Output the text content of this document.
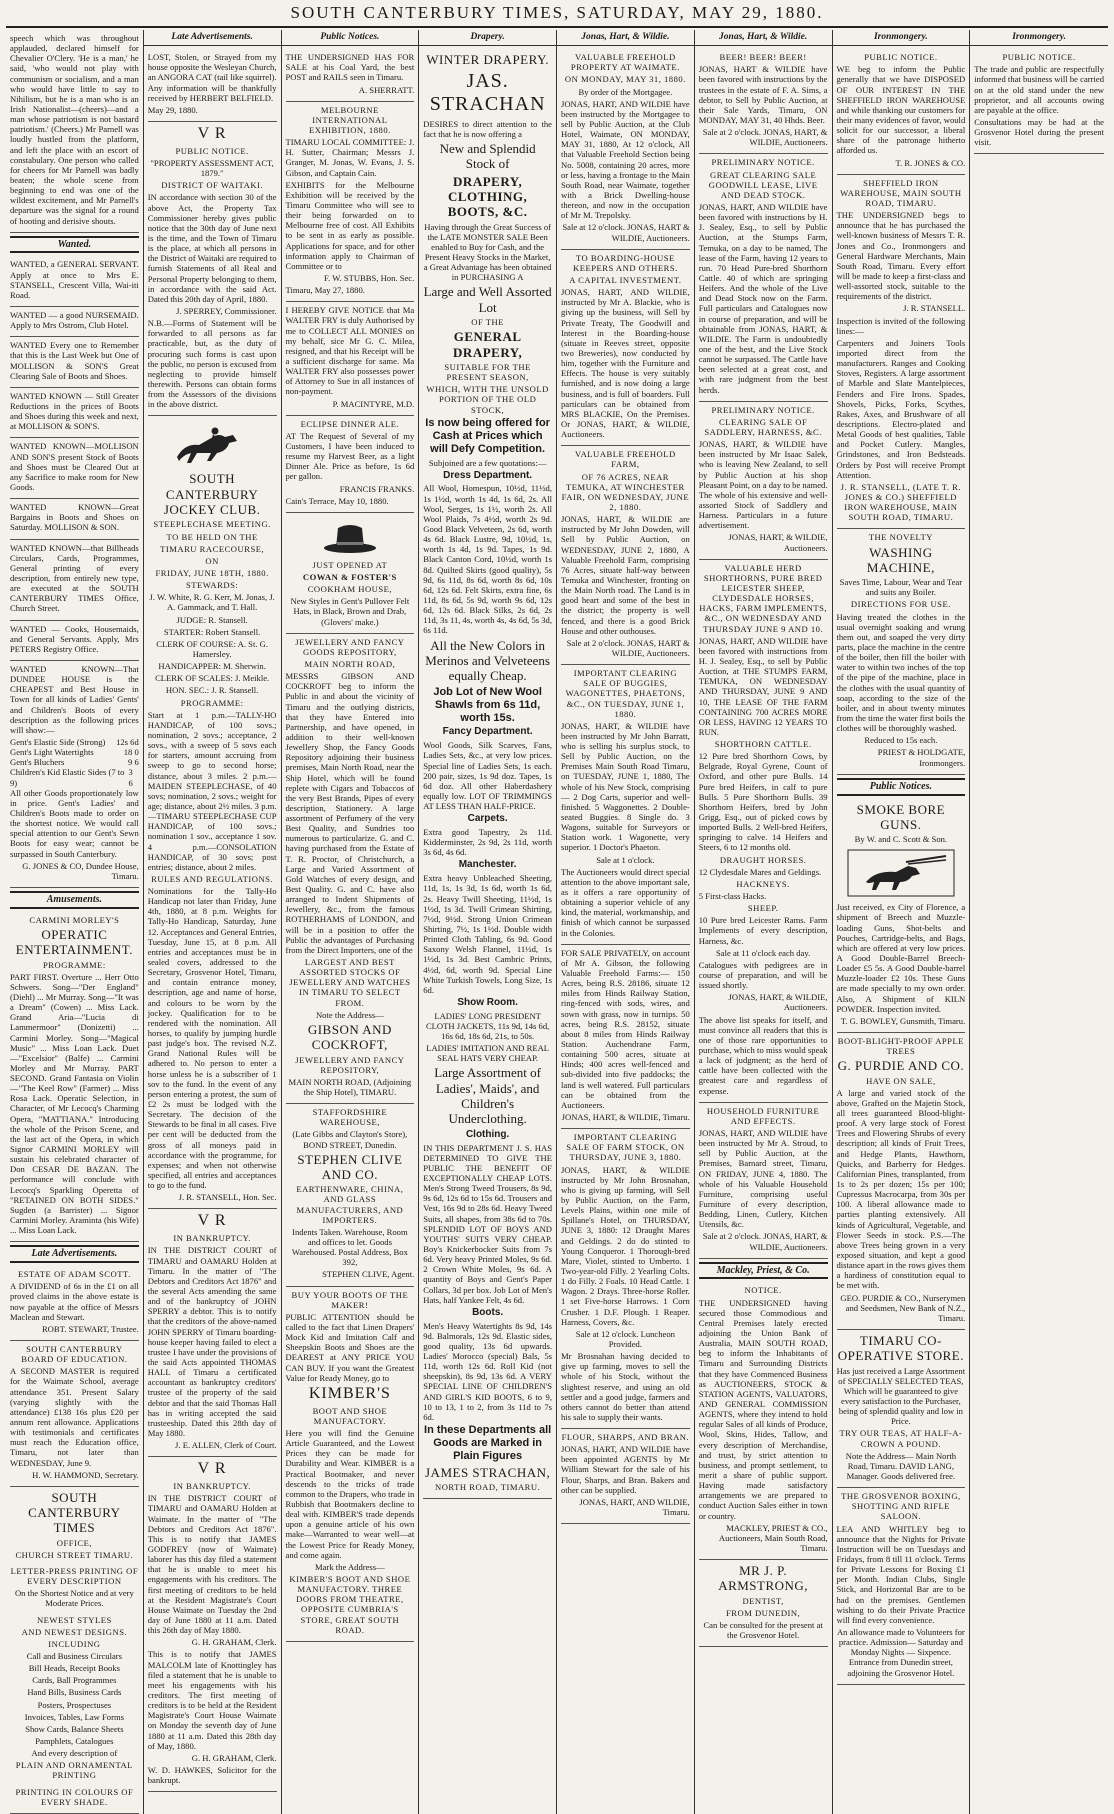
SOUTH CANTERBURY TIMES, SATURDAY, MAY 29, 1880.

speech which was throughout applauded, declared himself for Chevalier O'Clery. 'He is a man,' he said, 'who would not play with communism or socialism, and a man who would have little to say to Nihilism, but he is a man who is an Irish Nationalist—(cheers)—and a man whose patriotism is not bastard patriotism.' (Cheers.) Mr Parnell was loudly hustled from the platform, and left the place with an escort of constabulary. One person who called for cheers for Mr Parnell was badly beaten; the whole scene from beginning to end was one of the wildest excitement, and Mr Parnell's departure was the signal for a round of hooting and derisive shouts.

Wanted.

WANTED, a GENERAL SERVANT. Apply at once to Mrs E. STANSELL, Crescent Villa, Wai-iti Road.

WANTED — a good NURSEMAID. Apply to Mrs Ostrom, Club Hotel.

WANTED Every one to Remember that this is the Last Week but One of MOLLISON & SON'S Great Clearing Sale of Boots and Shoes.

WANTED KNOWN — Still Greater Reductions in the prices of Boots and Shoes during this week and next, at MOLLISON & SON'S.

WANTED KNOWN—MOLLISON AND SON'S present Stock of Boots and Shoes must be Cleared Out at any Sacrifice to make room for New Goods.

WANTED KNOWN—Great Bargains in Boots and Shoes on Saturday. MOLLISON & SON.

WANTED KNOWN—that Billheads Circulars, Cards, Programmes, General printing of every description, from entirely new type, are executed at the SOUTH CANTERBURY TIMES Office, Church Street.

WANTED — Cooks, Housemaids, and General Servants. Apply, Mrs PETERS Registry Office.

WANTED KNOWN—That DUNDEE HOUSE is the CHEAPEST and Best House in Town for all kinds of Ladies' Gents' and Children's Boots of every description as the following prices will show:—

Gent's Elastic Side (Strong) 12s 6d
Gent's Light Watertights	18 0
Gent's Bluchers	9 6
Children's Kid Elastic Sides (7 to 9)
3 6

All other Goods proportionately low in price. Gent's Ladies' and Children's Boots made to order on the shortest notice. We would call special attention to our Gent's Sewn Boots for easy wear; cannot be surpassed in South Canterbury.

G. JONES & CO, Dundee House, Timaru.

Amusements.

CARMINI MORLEY'S

OPERATIC ENTERTAINMENT.

PROGRAMME:

PART FIRST. Overture ... Herr Otto Schwers. Song—"Der England" (Diehl) ... Mr Murray. Song—"It was a Dream" (Cowen) ... Miss Lack. Grand Aria—"Lucia di Lammermoor" (Donizetti) ... Carmini Morley. Song—"Magical Music" ... Miss Loan Lack. Duet—"Excelsior" (Balfe) ... Carmini Morley and Mr Murray. PART SECOND. Grand Fantasia on Violin—"The Keel Row" (Farmer) ... Miss Rosa Lack. Operatic Selection, in Character, of Mr Lecocq's Charming Opera, "MATTIANA." Introducing the whole of the Prison Scene, and the last act of the Opera, in which Signor CARMINI MORLEY will sustain his celebrated character of Don CESAR DE BAZAN. The performance will conclude with Lecocq's Sparkling Operetta of "RETAINED ON BOTH SIDES." Sugden (a Barrister) ... Signor Carmini Morley. Araminta (his Wife) ... Miss Loan Lack.

Late Advertisements.

ESTATE OF ADAM SCOTT.

A DIVIDEND of 6s in the £1 on all proved claims in the above estate is now payable at the office of Messrs Maclean and Stewart.

ROBT. STEWART, Trustee.

SOUTH CANTERBURY BOARD OF EDUCATION.

A SECOND MASTER is required for the Waimate School, average attendance 351. Present Salary (varying slightly with the attendance) £138 16s plus £20 per annum rent allowance. Applications with testimonials and certificates must reach the Education office, Timaru, not later than WEDNESDAY, June 9.

H. W. HAMMOND, Secretary.

SOUTH CANTERBURY TIMES

OFFICE,

CHURCH STREET TIMARU.

LETTER-PRESS PRINTING OF EVERY DESCRIPTION

On the Shortest Notice and at very Moderate Prices.

NEWEST STYLES

AND NEWEST DESIGNS.

INCLUDING

Call and Business Circulars

Bill Heads, Receipt Books

Cards, Ball Programmes

Hand Bills, Business Cards

Posters, Prospectuses

Invoices, Tables, Law Forms

Show Cards, Balance Sheets

Pamphlets, Catalogues

And every description of

PLAIN AND ORNAMENTAL PRINTING

PRINTING IN COLOURS OF EVERY SHADE.

Late Advertisements.

LOST, Stolen, or Strayed from my house opposite the Wesleyan Church, an ANGORA CAT (tail like squirrel). Any information will be thankfully received by HERBERT BELFIELD.

May 29, 1880.

V R

PUBLIC NOTICE.

"PROPERTY ASSESSMENT ACT, 1879."

DISTRICT OF WAITAKI.

IN accordance with section 30 of the above Act, the Property Tax Commissioner hereby gives public notice that the 30th day of June next is the time, and the Town of Timaru is the place, at which all persons in the District of Waitaki are required to furnish Statements of all Real and Personal Property belonging to them, in accordance with the said Act. Dated this 20th day of April, 1880.

J. SPERREY, Commissioner.

N.B.—Forms of Statement will be forwarded to all persons as far practicable, but, as the duty of procuring such forms is cast upon the public, no person is excused from neglecting to provide himself therewith. Persons can obtain forms from the Assessors of the divisions in the above district.

SOUTH CANTERBURY JOCKEY CLUB.

STEEPLECHASE MEETING.

TO BE HELD ON THE

TIMARU RACECOURSE,

ON

FRIDAY, JUNE 18TH, 1880.

STEWARDS:

J. W. White, R. G. Kerr, M. Jonas, J. A. Gammack, and T. Hall.

JUDGE: R. Stansell.

STARTER: Robert Stansell.

CLERK OF COURSE: A. St. G. Hamersley.

HANDICAPPER: M. Sherwin.

CLERK OF SCALES: J. Meikle.

HON. SEC.: J. R. Stansell.

PROGRAMME:

Start at 1 p.m.—TALLY-HO HANDICAP, of 100 sovs.; nomination, 2 sovs.; acceptance, 2 sovs., with a sweep of 5 sovs each for starters, amount accruing from sweep to go to second horse; distance, about 3 miles. 2 p.m.—MAIDEN STEEPLECHASE, of 40 sovs; nomination, 2 sovs.; weight for age; distance, about 2½ miles. 3 p.m.—TIMARU STEEPLECHASE CUP HANDICAP, of 100 sovs.; nomination 1 sov., acceptance 1 sov. 4 p.m.—CONSOLATION HANDICAP, of 30 sovs; post entries; distance, about 2 miles.

RULES AND REGULATIONS.

Nominations for the Tally-Ho Handicap not later than Friday, June 4th, 1880, at 8 p.m. Weights for Tally-Ho Handicap, Saturday, June 12. Acceptances and General Entries, Tuesday, June 15, at 8 p.m. All entries and acceptances must be in sealed covers, addressed to the Secretary, Grosvenor Hotel, Timaru, and contain entrance money, description, age and name of horse, and colours to be worn by the jockey. Qualification for to be rendered with the nomination. All horses, to qualify by jumping hurdle past judge's box. The revised N.Z. Grand National Rules will be adhered to. No person to enter a horse unless he is a subscriber of 1 sov to the fund. In the event of any person entering a protest, the sum of £2 2s must be lodged with the Secretary. The decision of the Stewards to be final in all cases. Five per cent will be deducted from the gross of all moneys paid in accordance with the programme, for expenses; and when not otherwise specified, all entries and acceptances to go to the fund.

J. R. STANSELL, Hon. Sec.

V R

IN BANKRUPTCY.

IN THE DISTRICT COURT of TIMARU and OAMARU Holden at Timaru. In the matter of "The Debtors and Creditors Act 1876" and the several Acts amending the same and of the bankruptcy of JOHN SPERRY a debtor. This is to notify that the creditors of the above-named JOHN SPERRY of Timaru boarding-house keeper having failed to elect a trustee I have under the provisions of the said Acts appointed THOMAS HALL of Timaru a certificated accountant as bankruptcy creditors' trustee of the property of the said debtor and that the said Thomas Hall has in writing accepted the said trusteeship. Dated this 28th day of May 1880.

J. E. ALLEN, Clerk of Court.

V R

IN BANKRUPTCY.

IN THE DISTRICT COURT of TIMARU and OAMARU Holden at Waimate. In the matter of "The Debtors and Creditors Act 1876". This is to notify that JAMES GODFREY (now of Waimate) laborer has this day filed a statement that he is unable to meet his engagements with his creditors. The first meeting of creditors to be held at the Resident Magistrate's Court House Waimate on Tuesday the 2nd day of June 1880 at 11 a.m. Dated this 26th day of May 1880.

G. H. GRAHAM, Clerk.

This is to notify that JAMES MALCOLM late of Knottingley has filed a statement that he is unable to meet his engagements with his creditors. The first meeting of creditors is to be held at the Resident Magistrate's Court House Waimate on Monday the seventh day of June 1880 at 11 a.m. Dated this 28th day of May, 1880.

G. H. GRAHAM, Clerk.

W. D. HAWKES, Solicitor for the bankrupt.

Public Notices.

THE UNDERSIGNED HAS FOR SALE at his Coal Yard, the best POST and RAILS seen in Timaru.

A. SHERRATT.

MELBOURNE INTERNATIONAL EXHIBITION, 1880.

TIMARU LOCAL COMMITTEE: J. H. Sutter, Chairman; Messrs J. Granger, M. Jonas, W. Evans, J. S. Gibson, and Captain Cain.

EXHIBITS for the Melbourne Exhibition will be received by the Timaru Committee who will see to their being forwarded on to Melbourne free of cost. All Exhibits to be sent in as early as possible. Applications for space, and for other information apply to Chairman of Committee or to

F. W. STUBBS, Hon. Sec.

Timaru, May 27, 1880.

I HEREBY GIVE NOTICE that Ma WALTER FRY is duly Authorised by me to COLLECT ALL MONIES on my behalf, sice Mr G. C. Milea, resigned, and that his Receipt will be a sufficient discharge for same. Ma WALTER FRY also possesses power of Attorney to Sue in all instances of non-payment.

P. MACINTYRE, M.D.

ECLIPSE DINNER ALE.

AT The Request of Several of my Customers, I have been induced to resume my Harvest Beer, as a light Dinner Ale. Price as before, 1s 6d per gallon.

FRANCIS FRANKS.

Cain's Terrace, May 10, 1880.

JUST OPENED AT

COWAN & FOSTER'S

COOKHAM HOUSE,

New Styles in Gent's Pullover Felt Hats, in Black, Brown and Drab, (Glovers' make.)

JEWELLERY AND FANCY GOODS REPOSITORY,

MAIN NORTH ROAD,

MESSRS GIBSON AND COCKROFT beg to inform the Public in and about the vicinity of Timaru and the outlying districts, that they have Entered into Partnership, and have opened, in addition to their well-known Jewellery Shop, the Fancy Goods Repository adjoining their business premises, Main North Road, near the Ship Hotel, which will be found replete with Cigars and Tobaccos of the very Best Brands, Pipes of every description, Stationery. A large assortment of Perfumery of the very Best Quality, and Sundries too numerous to particularize. G. and C. having purchased from the Estate of T. R. Proctor, of Christchurch, a Large and Varied Assortment of Gold Watches of every design, and Best Quality. G. and C. have also arranged to Indent Shipments of Jewellery, &c., from the famous ROTHERHAMS of LONDON, and will be in a position to offer the Public the advantages of Purchasing from the Direct Importers, one of the

LARGEST AND BEST ASSORTED STOCKS OF JEWELLERY AND WATCHES IN TIMARU TO SELECT FROM.

Note the Address—

GIBSON AND COCKROFT,

JEWELLERY AND FANCY REPOSITORY,

MAIN NORTH ROAD, (Adjoining the Ship Hotel), TIMARU.

STAFFORDSHIRE WAREHOUSE,

(Late Gibbs and Clayton's Store), BOND STREET, Dunedin.

STEPHEN CLIVE AND CO.

EARTHENWARE, CHINA, AND GLASS MANUFACTURERS, AND IMPORTERS.

Indents Taken. Warehouse, Room and offices to let. Goods Warehoused. Postal Address, Box 392,

STEPHEN CLIVE, Agent.

BUY YOUR BOOTS OF THE MAKER!

PUBLIC ATTENTION should be called to the fact that Linen Drapers' Mock Kid and Imitation Calf and Sheepskin Boots and Shoes are the DEAREST at ANY PRICE YOU CAN BUY. If you want the Greatest Value for Ready Money, go to

KIMBER'S

BOOT AND SHOE MANUFACTORY.

Here you will find the Genuine Article Guaranteed, and the Lowest Prices they can be made for Durability and Wear. KIMBER is a Practical Bootmaker, and never descends to the tricks of trade common to the Drapers, who trade in Rubbish that Bootmakers decline to deal with. KIMBER'S trade depends upon a genuine article of his own make—Warranted to wear well—at the Lowest Price for Ready Money, and come again.

Mark the Address—

KIMBER'S BOOT AND SHOE MANUFACTORY. THREE DOORS FROM THEATRE, OPPOSITE CUMBRIA'S STORE, GREAT SOUTH ROAD.

Drapery.

WINTER DRAPERY.

JAS. STRACHAN

DESIRES to direct attention to the fact that he is now offering a

New and Splendid Stock of

DRAPERY, CLOTHING, BOOTS, &C.

Having through the Great Success of the LATE MONSTER SALE Been enabled to Buy for Cash, and the Present Heavy Stocks in the Market, a Great Advantage has been obtained in PURCHASING A

Large and Well Assorted Lot

OF THE

GENERAL DRAPERY,

SUITABLE FOR THE PRESENT SEASON,

WHICH, WITH THE UNSOLD PORTION OF THE OLD STOCK,

Is now being offered for Cash at Prices which will Defy Competition.

Subjoined are a few quotations:—

Dress Department.

All Wool, Homespun, 10½d, 11½d, 1s 1½d, worth 1s 4d, 1s 6d, 2s. All Wool, Serges, 1s 1½, worth 2s. All Wool Plaids, 7s 4½d, worth 2s 9d. Good Black Velveteen, 2s 6d, worth 4s 6d. Black Lustre, 9d, 10½d, 1s, worth 1s 4d, 1s 9d. Tapes, 1s 9d. Black Canton Cord, 10½d, worth 1s 8d. Quilted Skirts (good quality), 5s 9d, 6s 11d, 8s 6d, worth 8s 6d, 10s 6d, 12s 6d. Felt Skirts, extra fine, 6s 11d, 8s 6d, 5s 9d, worth 9s 6d, 12s 6d, 12s 6d. Black Silks, 2s 6d, 2s 11d, 3s 11, 4s, worth 4s, 4s 6d, 5s 3d, 6s 11d.

All the New Colors in Merinos and Velveteens equally Cheap.

Job Lot of New Wool Shawls from 6s 11d, worth 15s.

Fancy Department.

Wool Goods, Silk Scarves, Fans, Ladies Sets, &c., at very low prices. Special line of Ladies Sets, 1s each. 200 pair, sizes, 1s 9d doz. Tapes, 1s 6d doz. All other Haberdashery equally low. LOT OF TRIMMINGS AT LESS THAN HALF-PRICE.

Carpets.

Extra good Tapestry, 2s 11d. Kidderminster, 2s 9d, 2s 11d, worth 3s 6d, 4s 6d.

Manchester.

Extra heavy Unbleached Sheeting, 11d, 1s, 1s 3d, 1s 6d, worth 1s 6d, 2s. Heavy Twill Sheeting, 11½d, 1s 1½d, 1s 3d. Twill Crimean Shirting, 7½d, 9½d. Strong Union Crimean Shirting, 7½, 1s 1½d. Double width Printed Cloth Tabling, 6s 9d. Good Saxony Welsh Flannel, 11½d, 1s 1½d, 1s 3d. Best Cambric Prints, 4½d, 6d, worth 9d. Special Line White Turkish Towels, Long Size, 1s 6d.

Show Room.

LADIES' LONG PRESIDENT CLOTH JACKETS, 11s 9d, 14s 6d, 16s 6d, 18s 6d, 21s, to 50s.

LADIES' IMITATION AND REAL SEAL HATS VERY CHEAP.

Large Assortment of Ladies', Maids', and Children's Underclothing.

Clothing.

IN THIS DEPARTMENT J. S. HAS DETERMINED TO GIVE THE PUBLIC THE BENEFIT OF EXCEPTIONALLY CHEAP LOTS. Men's Strong Tweed Trousers, 8s 9d, 9s 6d, 12s 6d to 15s 6d. Trousers and Vest, 16s 9d to 28s 6d. Heavy Tweed Suits, all shapes, from 38s 6d to 70s. SPLENDID LOT OF BOYS AND YOUTHS' SUITS VERY CHEAP. Boy's Knickerbocker Suits from 7s 6d. Very heavy Printed Moles, 9s 6d. 2 Crown White Moles, 9s 6d. A quantity of Boys and Gent's Paper Collars, 3d per box. Job Lot of Men's Hats, half Yankee Felt, 4s 6d.

Boots.

Men's Heavy Watertights 8s 9d, 14s 9d. Balmorals, 12s 9d. Elastic sides, good quality, 13s 6d upwards. Ladies' Morocco (special) Bals, 5s 11d, worth 12s 6d. Roll Kid (not sheepskin), 8s 9d, 13s 6d. A VERY SPECIAL LINE OF CHILDREN'S AND GIRL'S KID BOOTS, 6 to 9, 10 to 13, 1 to 2, from 3s 11d to 7s 6d.

In these Departments all Goods are Marked in Plain Figures

JAMES STRACHAN,

NORTH ROAD, TIMARU.

Jonas, Hart, & Wildie.

VALUABLE FREEHOLD PROPERTY AT WAIMATE.

ON MONDAY, MAY 31, 1880.

By order of the Mortgagee.

JONAS, HART, AND WILDIE have been instructed by the Mortgagee to sell by Public Auction, at the Club Hotel, Waimate, ON MONDAY, MAY 31, 1880, At 12 o'clock, All that Valuable Freehold Section being No. 5008, containing 20 acres, more or less, having a frontage to the Main South Road, near Waimate, together with a Brick Dwelling-house thereon, and now in the occupation of Mr M. Trepolsky.

Sale at 12 o'clock. JONAS, HART & WILDIE, Auctioneers.

TO BOARDING-HOUSE KEEPERS AND OTHERS.

A CAPITAL INVESTMENT.

JONAS, HART, AND WILDIE, instructed by Mr A. Blackie, who is giving up the business, will Sell by Private Treaty, The Goodwill and Interest in the Boarding-house (situate in Reeves street, opposite two Breweries), now conducted by him, together with the Furniture and Effects. The house is very suitably furnished, and is now doing a large business, and is full of boarders. Full particulars can be obtained from MRS BLACKIE, On the Premises. Or JONAS, HART, & WILDIE, Auctioneers.

VALUABLE FREEHOLD FARM,

OF 76 ACRES, NEAR TEMUKA, AT WINCHESTER FAIR, ON WEDNESDAY, JUNE 2, 1880.

JONAS, HART, & WILDIE are instructed by Mr John Dowden, will Sell by Public Auction, on WEDNESDAY, JUNE 2, 1880, A Valuable Freehold Farm, comprising 76 Acres, situate half-way between Temuka and Winchester, fronting on the Main North road. The Land is in good heart and some of the best in the district; the property is well fenced, and there is a good Brick House and other outhouses.

Sale at 2 o'clock. JONAS, HART & WILDIE, Auctioneers.

IMPORTANT CLEARING SALE OF BUGGIES, WAGONETTES, PHAETONS, &C., ON TUESDAY, JUNE 1, 1880.

JONAS, HART, & WILDIE have been instructed by Mr John Barratt, who is selling his surplus stock, to Sell by Public Auction, on the Premises Main South Road Timaru, on TUESDAY, JUNE 1, 1880, The whole of his New Stock, comprising— 2 Dog Carts, superior and well-finished. 5 Waggonettes. 2 Double-seated Buggies. 8 Single do. 3 Wagons, suitable for Surveyors or Station work. 1 Wagonette, very superior. 1 Doctor's Phaeton.

Sale at 1 o'clock.

The Auctioneers would direct special attention to the above important sale, as it offers a rare opportunity of obtaining a superior vehicle of any kind, the material, workmanship, and finish of which cannot be surpassed in the Colonies.

FOR SALE PRIVATELY, on account of Mr A. Gibson, the following Valuable Freehold Farms:— 150 Acres, being R.S. 28186, situate 12 miles from Hinds Railway Station, ring-fenced with sods, wires, and sown with grass, now in turnips. 50 acres, being R.S. 28152, situate about 8 miles from Hinds Railway Station. Auchendrane Farm, containing 500 acres, situate at Hinds; 400 acres well-fenced and sub-divided into five paddocks; the land is well watered. Full particulars can be obtained from the Auctioneers.

JONAS, HART, & WILDIE, Timaru.

IMPORTANT CLEARING SALE OF FARM STOCK, ON THURSDAY, JUNE 3, 1880.

JONAS, HART, & WILDIE instructed by Mr John Brosnahan, who is giving up farming, will Sell by Public Auction, on the Farm, Levels Plains, within one mile of Spillane's Hotel, on THURSDAY, JUNE 3, 1880: 12 Draught Mares and Geldings. 2 do do stinted to Young Conqueror. 1 Thorough-bred Mare, Violet, stinted to Umberto. 1 Two-year-old Filly. 2 Yearling Colts. 1 do Filly. 2 Foals. 10 Head Cattle. 1 Wagon. 2 Drays. Three-horse Roller. 1 set Five-horse Harrows. 1 Corn Crusher. 1 D.F. Plough. 1 Reaper. Harness, Covers, &c.

Sale at 12 o'clock. Luncheon Provided.

Mr Brosnahan having decided to give up farming, moves to sell the whole of his Stock, without the slightest reserve, and using an old settler and a good judge, farmers and others cannot do better than attend his sale to supply their wants.

FLOUR, SHARPS, AND BRAN.

JONAS, HART, AND WILDIE have been appointed AGENTS by Mr William Stewart for the sale of his Flour, Sharps, and Bran. Bakers and other can be supplied.

JONAS, HART, AND WILDIE, Timaru.

Jonas, Hart, & Wildie.

BEER! BEER! BEER!

JONAS, HART & WILDIE have been favored with instructions by the trustees in the estate of F. A. Sims, a debtor, to Sell by Public Auction, at their Sale Yards, Timaru, ON MONDAY, MAY 31, 40 Hhds. Beer.

Sale at 2 o'clock. JONAS, HART, & WILDIE, Auctioneers.

PRELIMINARY NOTICE.

GREAT CLEARING SALE GOODWILL LEASE, LIVE AND DEAD STOCK.

JONAS, HART, AND WILDIE have been favored with instructions by H. J. Sealey, Esq., to sell by Public Auction, at the Stumps Farm, Temuka, on a day to be named, The lease of the Farm, having 12 years to run. 70 Head Pure-bred Shorthorn Cattle. 40 of which are springing Heifers. And the whole of the Live and Dead Stock now on the Farm. Full particulars and Catalogues now in course of preparation, and will be obtainable from JONAS, HART, & WILDIE. The Farm is undoubtedly one of the best, and the Live Stock cannot be surpassed. The Cattle have been selected at a great cost, and with rare judgment from the best herds.

PRELIMINARY NOTICE.

CLEARING SALE OF SADDLERY, HARNESS, &C.

JONAS, HART, & WILDIE have been instructed by Mr Isaac Salek, who is leaving New Zealand, to sell by Public Auction at his shop Pleasant Point, on a day to be named. The whole of his extensive and well-assorted Stock of Saddlery and Harness. Particulars in a future advertisement.

JONAS, HART, & WILDIE, Auctioneers.

VALUABLE HERD SHORTHORNS, PURE BRED LEICESTER SHEEP, CLYDESDALE HORSES, HACKS, FARM IMPLEMENTS, &C., ON WEDNESDAY AND THURSDAY JUNE 9 AND 10.

JONAS, HART, AND WILDIE have been favored with instructions from H. J. Sealey, Esq., to sell by Public Auction, at THE STUMPS FARM, TEMUKA, ON WEDNESDAY AND THURSDAY, JUNE 9 AND 10, THE LEASE OF THE FARM CONTAINING 700 ACRES MORE OR LESS, HAVING 12 YEARS TO RUN.

SHORTHORN CATTLE.

12 Pure bred Shorthorn Cows, by Belgrade, Royal Gyrene, Count of Oxford, and other pure Bulls. 14 Pure bred Heifers, in calf to pure Bulls. 5 Pure Shorthorn Bulls. 39 Shorthorn Heifers, bred by John Grigg, Esq., out of picked cows by imported Bulls. 2 Well-bred Heifers, springing to calve. 14 Heifers and Steers, 6 to 12 months old.

DRAUGHT HORSES.

12 Clydesdale Mares and Geldings.

HACKNEYS.

5 First-class Hacks.

SHEEP.

10 Pure bred Leicester Rams. Farm Implements of every description, Harness, &c.

Sale at 11 o'clock each day.

Catalogues with pedigrees are in course of preparation, and will be issued shortly.

JONAS, HART, & WILDIE, Auctioneers.

The above list speaks for itself, and must convince all readers that this is one of those rare opportunities to purchase, which to miss would speak a lack of judgment; as the herd of cattle have been collected with the greatest care and regardless of expense.

HOUSEHOLD FURNITURE AND EFFECTS.

JONAS, HART, AND WILDIE have been instructed by Mr A. Stroud, to sell by Public Auction, at the Premises, Barnard street, Timaru, ON FRIDAY, JUNE 4, 1880. The whole of his Valuable Household Furniture, comprising useful Furniture of every description, Bedding, Linen, Cutlery, Kitchen Utensils, &c.

Sale at 2 o'clock. JONAS, HART, & WILDIE, Auctioneers.

Mackley, Priest, & Co.

NOTICE.

THE UNDERSIGNED having secured those Commodious and Central Premises lately erected adjoining the Union Bank of Australia, MAIN SOUTH ROAD, beg to inform the Inhabitants of Timaru and Surrounding Districts that they have Commenced Business as AUCTIONEERS, STOCK & STATION AGENTS, VALUATORS, AND GENERAL COMMISSION AGENTS, where they intend to hold regular Sales of all kinds of Produce, Wool, Skins, Hides, Tallow, and every description of Merchandise, and trust, by strict attention to business, and prompt settlement, to merit a share of public support. Having made satisfactory arrangements we are prepared to conduct Auction Sales either in town or country.

MACKLEY, PRIEST & CO., Auctioneers, Main South Road, Timaru.

MR J. P. ARMSTRONG,

DENTIST,

FROM DUNEDIN,

Can be consulted for the present at the Grosvenor Hotel.

Ironmongery.

PUBLIC NOTICE.

WE beg to inform the Public generally that we have DISPOSED OF OUR INTEREST IN THE SHEFFIELD IRON WAREHOUSE and while thanking our customers for their many evidences of favor, would solicit for our successor, a liberal share of the patronage hitherto afforded us.

T. R. JONES & CO.

SHEFFIELD IRON WAREHOUSE, MAIN SOUTH ROAD, TIMARU.

THE UNDERSIGNED begs to announce that he has purchased the well-known business of Messrs T. R. Jones and Co., Ironmongers and General Hardware Merchants, Main South Road, Timaru. Every effort will be made to keep a first-class and well-assorted stock, suitable to the requirements of the district.

J. R. STANSELL.

Inspection is invited of the following lines:—

Carpenters and Joiners Tools imported direct from the manufacturers. Ranges and Cooking Stoves, Registers. A large assortment of Marble and Slate Mantelpieces, Fenders and Fire Irons. Spades, Shovels, Picks, Forks, Scythes, Rakes, Axes, and Brushware of all descriptions. Electro-plated and Metal Goods of best qualities, Table and Pocket Cutlery. Mangles, Grindstones, and Iron Bedsteads. Orders by Post will receive Prompt Attention.

J. R. STANSELL, (LATE T. R. JONES & CO.) SHEFFIELD IRON WAREHOUSE, MAIN SOUTH ROAD, TIMARU.

THE NOVELTY

WASHING MACHINE,

Saves Time, Labour, Wear and Tear and suits any Boiler.

DIRECTIONS FOR USE.

Having treated the clothes in the usual overnight soaking and wrung them out, and soaped the very dirty parts, place the machine in the centre of the boiler, then fill the boiler with water to within two inches of the top of the pipe of the machine, place in the clothes with the usual quantity of soap, according to the size of the boiler, and in about twenty minutes from the time the water first boils the clothes will be thoroughly washed.

Reduced to 15s each.

PRIEST & HOLDGATE, Ironmongers.

Public Notices.

SMOKE BORE GUNS.

By W. and C. Scott & Son.

Just received, ex City of Florence, a shipment of Breech and Muzzle-loading Guns, Shot-belts and Pouches, Cartridge-belts, and Bags, which are offered at very low prices. A Good Double-Barrel Breech-Loader £5 5s. A Good Double-barrel Muzzle-loader £2 10s. These Guns are made specially to my own order. Also, A Shipment of KILN POWDER. Inspection invited.

T. G. BOWLEY, Gunsmith, Timaru.

BOOT-BLIGHT-PROOF APPLE TREES

G. PURDIE AND CO.

HAVE ON SALE,

A large and varied stock of the above, Grafted on the Majetin Stock, all trees guaranteed Blood-blight-proof. A very large stock of Forest Trees and Flowering Shrubs of every description; all kinds of Fruit Trees, and Hedge Plants, Hawthorn, Quicks, and Barberry for Hedges. Californian Pines, transplanted, from 1s to 2s per dozen; 15s per 100; Cupressus Macrocarpa, from 30s per 100. A liberal allowance made to parties planting extensively. All kinds of Agricultural, Vegetable, and Flower Seeds in stock. P.S.—The above Trees being grown in a very exposed situation, and kept a good distance apart in the rows gives them a hardiness of constitution equal to be met with.

GEO. PURDIE & CO., Nurserymen and Seedsmen, New Bank of N.Z., Timaru.

TIMARU CO-OPERATIVE STORE.

Has just received a Large Assortment of SPECIALLY SELECTED TEAS, Which will be guaranteed to give every satisfaction to the Purchaser, being of splendid quality and low in Price.

TRY OUR TEAS, AT HALF-A-CROWN A POUND.

Note the Address— Main North Road, Timaru. DAVID LANG, Manager. Goods delivered free.

THE GROSVENOR BOXING, SHOTTING AND RIFLE SALOON.

LEA AND WHITLEY beg to announce that the Nights for Private Instruction will be on Tuesdays and Fridays, from 8 till 11 o'clock. Terms for Private Lessons for Boxing £1 per Month. Indian Clubs, Single Stick, and Horizontal Bar are to be had on the premises. Gentlemen wishing to do their Private Practice will find every convenience.

An allowance made to Volunteers for practice. Admission— Saturday and Monday Nights — Sixpence. Entrance from Dunedin street, adjoining the Grosvenor Hotel.

Ironmongery.

PUBLIC NOTICE.

The trade and public are respectfully informed that business will be carried on at the old stand under the new proprietor, and all accounts owing are payable at the office.

Consultations may be had at the Grosvenor Hotel during the present visit.
